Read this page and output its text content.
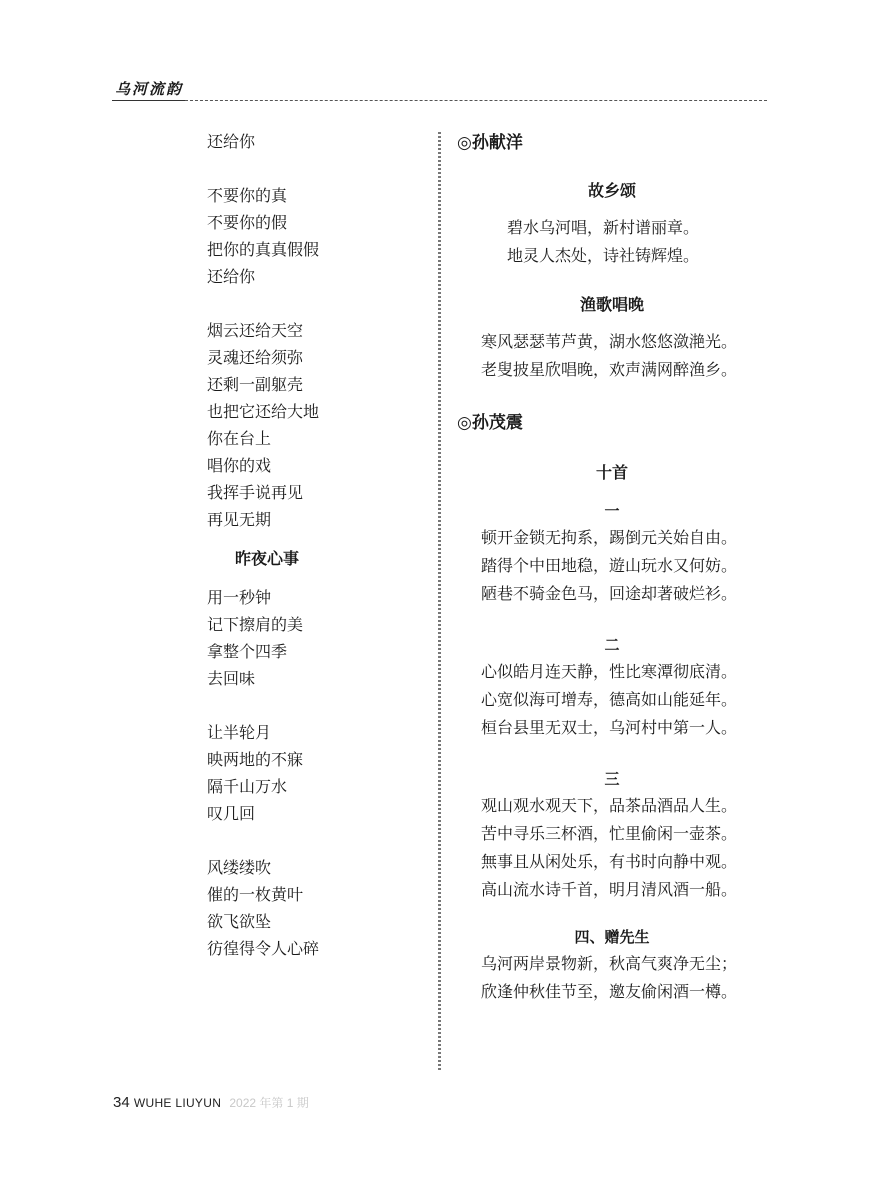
乌河流韵
还给你
不要你的真
不要你的假
把你的真真假假
还给你
烟云还给天空
灵魂还给须弥
还剩一副躯壳
也把它还给大地
你在台上
唱你的戏
我挥手说再见
再见无期
昨夜心事
用一秒钟
记下擦肩的美
拿整个四季
去回味
让半轮月
映两地的不寐
隔千山万水
叹几回
风缕缕吹
催的一枚黄叶
欲飞欲坠
彷徨得令人心碎
◎孙献洋
故乡颂
碧水乌河唱，新村谱丽章。
地灵人杰处，诗社铸辉煌。
渔歌唱晚
寒风瑟瑟苇芦黄，湖水悠悠潋滟光。
老叟披星欣唱晚，欢声满网醉渔乡。
◎孙茂震
十首
一
顿开金锁无拘系，踢倒元关始自由。
踏得个中田地稳，遊山玩水又何妨。
陋巷不骑金色马，回途却著破烂衫。
二
心似皓月连天静，性比寒潭彻底清。
心宽似海可增寿，德高如山能延年。
桓台县里无双士，乌河村中第一人。
三
观山观水观天下，品茶品酒品人生。
苦中寻乐三杯酒，忙里偷闲一壶茶。
無事且从闲处乐，有书时向静中观。
高山流水诗千首，明月清风酒一船。
四、赠先生
乌河两岸景物新，秋高气爽净无尘；
欣逢仲秋佳节至，邀友偷闲酒一樽。
34 WUHE LIUYUN 2022 年第 1 期
